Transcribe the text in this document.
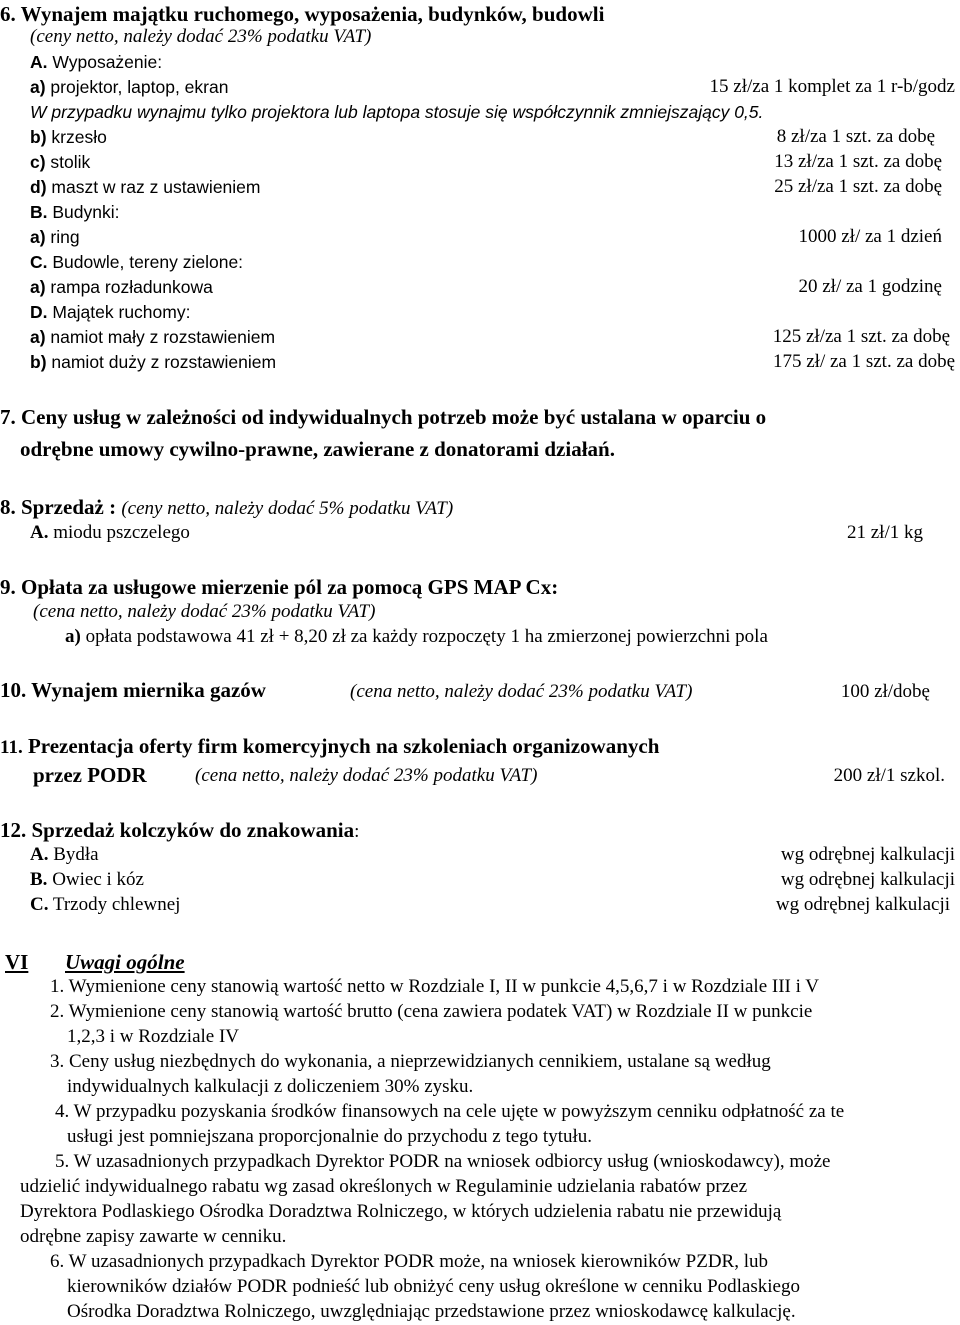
6. Wynajem majątku ruchomego, wyposażenia, budynków, budowli
(ceny netto, należy dodać 23% podatku VAT)
A. Wyposażenie:
a) projektor, laptop, ekran	15 zł/za 1 komplet za 1 r-b/godz
W przypadku wynajmu tylko projektora lub laptopa stosuje się współczynnik zmniejszający 0,5.
b) krzesło	8 zł/za 1 szt. za dobę
c) stolik	13 zł/za 1 szt. za dobę
d) maszt w raz z ustawieniem	25 zł/za 1 szt. za dobę
B. Budynki:
a) ring	1000 zł/ za 1 dzień
C. Budowle, tereny zielone:
a) rampa rozładunkowa	20 zł/ za 1 godzinę
D. Majątek ruchomy:
a) namiot mały z rozstawieniem	125 zł/za 1 szt. za dobę
b) namiot duży z rozstawieniem	175 zł/ za 1 szt. za dobę
7. Ceny usług w zależności od indywidualnych potrzeb może być ustalana w oparciu o
odrębne umowy cywilno-prawne, zawierane z donatorami działań.
8. Sprzedaż : (ceny netto, należy dodać 5% podatku VAT)
A. miodu pszczelego	21 zł/1 kg
9. Opłata za usługowe mierzenie pól za pomocą GPS MAP Cx:
(cena netto, należy dodać 23% podatku VAT)
a) opłata podstawowa 41 zł + 8,20 zł za każdy rozpoczęty 1 ha zmierzonej powierzchni pola
10. Wynajem miernika gazów	(cena netto, należy dodać 23% podatku VAT)	100 zł/dobę
11. Prezentacja oferty firm komercyjnych na szkoleniach organizowanych
przez PODR	(cena netto, należy dodać 23% podatku VAT)	200 zł/1 szkol.
12. Sprzedaż kolczyków do znakowania:
A. Bydła	wg odrębnej kalkulacji
B. Owiec i kóz	wg odrębnej kalkulacji
C. Trzody chlewnej	wg odrębnej kalkulacji
VI Uwagi ogólne
1. Wymienione ceny stanowią wartość netto w Rozdziale I, II w punkcie 4,5,6,7 i w Rozdziale III i V
2. Wymienione ceny stanowią wartość brutto (cena zawiera podatek VAT) w Rozdziale II w punkcie
1,2,3 i w Rozdziale IV
3. Ceny usług niezbędnych do wykonania, a nieprzewidzianych cennikiem, ustalane są według
indywidualnych kalkulacji z doliczeniem 30% zysku.
4. W przypadku pozyskania środków finansowych na cele ujęte w powyższym cenniku odpłatność za te
usługi jest pomniejszana proporcjonalnie do przychodu z tego tytułu.
5. W uzasadnionych przypadkach Dyrektor PODR na wniosek odbiorcy usług (wnioskodawcy), może
udzielić indywidualnego rabatu wg zasad określonych w Regulaminie udzielania rabatów przez
Dyrektora Podlaskiego Ośrodka Doradztwa Rolniczego, w których udzielenia rabatu nie przewidują
odrębne zapisy zawarte w cenniku.
6. W uzasadnionych przypadkach Dyrektor PODR może, na wniosek kierowników PZDR, lub
kierowników działów PODR podnieść lub obniżyć ceny usług określone w cenniku Podlaskiego
Ośrodka Doradztwa Rolniczego, uwzględniając przedstawione przez wnioskodawcę kalkulację.
